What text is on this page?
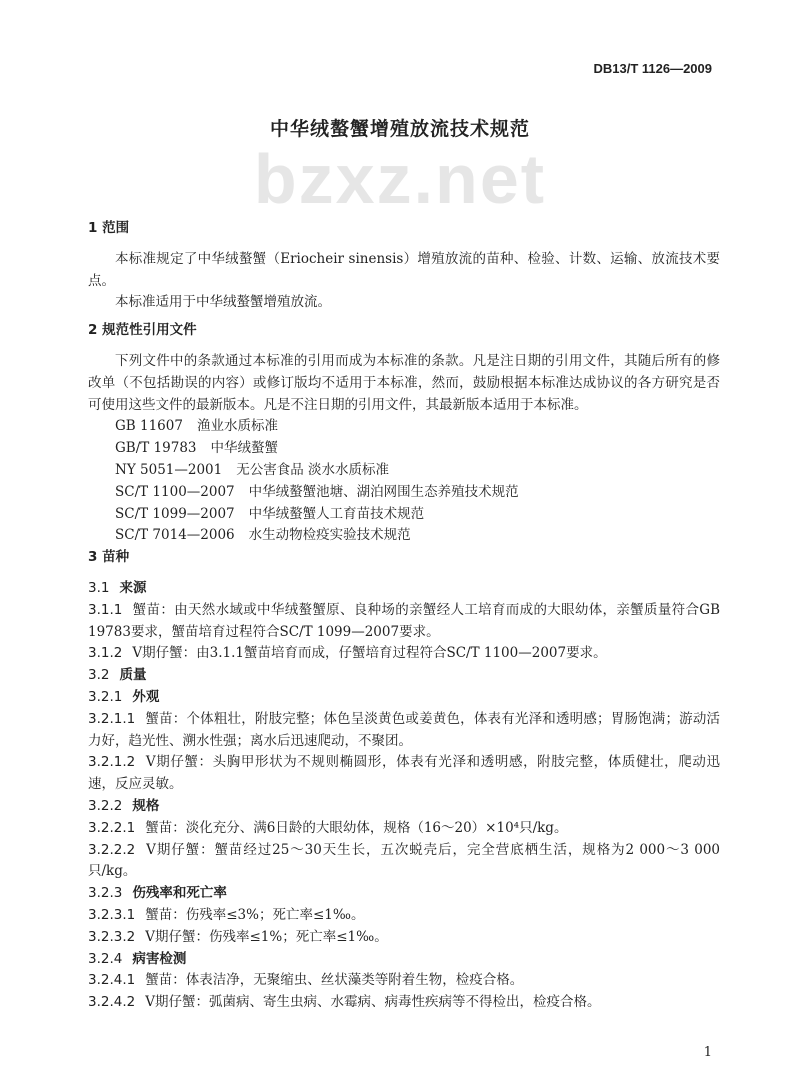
DB13/T 1126—2009
中华绒螯蟹增殖放流技术规范
bzxz.net

1 范围

本标准规定了中华绒螯蟹（Eriocheir sinensis）增殖放流的苗种、检验、计数、运输、放流技术要点。

本标准适用于中华绒螯蟹增殖放流。

2 规范性引用文件

下列文件中的条款通过本标准的引用而成为本标准的条款。凡是注日期的引用文件，其随后所有的修改单（不包括勘误的内容）或修订版均不适用于本标准，然而，鼓励根据本标准达成协议的各方研究是否可使用这些文件的最新版本。凡是不注日期的引用文件，其最新版本适用于本标准。

GB 11607 渔业水质标准

GB/T 19783 中华绒螯蟹

NY 5051—2001 无公害食品 淡水水质标准

SC/T 1100—2007 中华绒螯蟹池塘、湖泊网围生态养殖技术规范

SC/T 1099—2007 中华绒螯蟹人工育苗技术规范

SC/T 7014—2006 水生动物检疫实验技术规范

3 苗种

3.1 来源

3.1.1 蟹苗：由天然水域或中华绒螯蟹原、良种场的亲蟹经人工培育而成的大眼幼体，亲蟹质量符合GB 19783要求，蟹苗培育过程符合SC/T 1099—2007要求。

3.1.2 Ⅴ期仔蟹：由3.1.1蟹苗培育而成，仔蟹培育过程符合SC/T 1100—2007要求。

3.2 质量

3.2.1 外观

3.2.1.1 蟹苗：个体粗壮，附肢完整；体色呈淡黄色或姜黄色，体表有光泽和透明感；胃肠饱满；游动活力好，趋光性、溯水性强；离水后迅速爬动，不聚团。

3.2.1.2 Ⅴ期仔蟹：头胸甲形状为不规则椭圆形，体表有光泽和透明感，附肢完整，体质健壮，爬动迅速，反应灵敏。

3.2.2 规格

3.2.2.1 蟹苗：淡化充分、满6日龄的大眼幼体，规格（16～20）×10⁴只/kg。

3.2.2.2 Ⅴ期仔蟹：蟹苗经过25～30天生长，五次蜕壳后，完全营底栖生活，规格为2 000～3 000只/kg。

3.2.3 伤残率和死亡率

3.2.3.1 蟹苗：伤残率≤3%；死亡率≤1‰。

3.2.3.2 Ⅴ期仔蟹：伤残率≤1%；死亡率≤1‰。

3.2.4 病害检测

3.2.4.1 蟹苗：体表洁净，无聚缩虫、丝状藻类等附着生物，检疫合格。

3.2.4.2 Ⅴ期仔蟹：弧菌病、寄生虫病、水霉病、病毒性疾病等不得检出，检疫合格。

1
